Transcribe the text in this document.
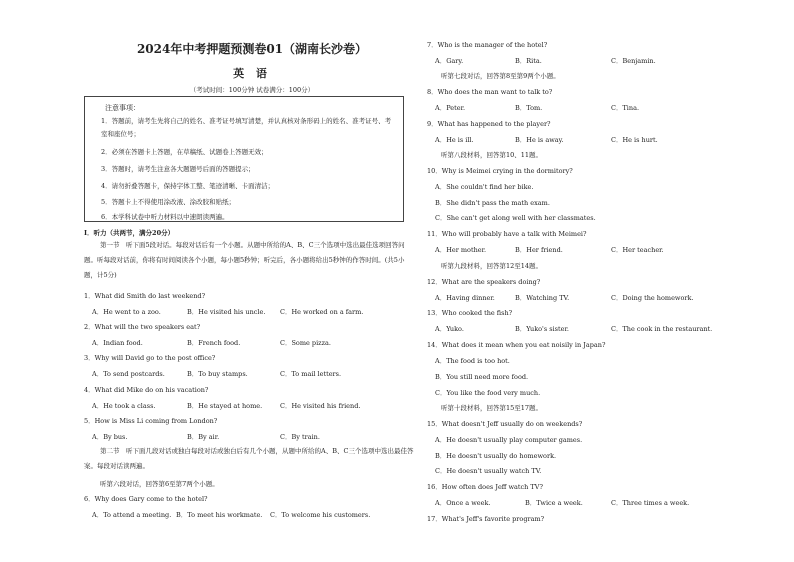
2024年中考押题预测卷01（湖南长沙卷）
英 语
（考试时间：100分钟 试卷满分：100分）
注意事项：
1．答题前，请考生先将自己的姓名、准考证号填写清楚，并认真核对条形码上的姓名、准考证号、考室和座位号；
2．必须在答题卡上答题，在草稿纸、试题卷上答题无效；
3．答题时，请考生注意各大题题号后面的答题提示；
4．请勿折叠答题卡，保持字体工整、笔迹清晰、卡面清洁；
5．答题卡上不得使用涂改液、涂改胶和贴纸；
6．本学科试卷中听力材料以中速朗读两遍。
I．听力（共两节，满分20分）
第一节　听下面5段对话。每段对话后有一个小题。从题中所给的A、B、C三个选项中选出最佳选项回答问题。听每段对话前，你将有时间阅读各个小题，每小题5秒钟；听完后，各小题将给出5秒钟的作答时间。(共5小题，计5分)
1．What did Smith do last weekend?
A．He went to a zoo.	B．He visited his uncle. C．He worked on a farm.
2．What will the two speakers eat?
A．Indian food.	B．French food.	C．Some pizza.
3．Why will David go to the post office?
A．To send postcards.	B．To buy stamps.	C．To mail letters.
4．What did Mike do on his vacation?
A．He took a class.	B．He stayed at home.	C．He visited his friend.
5．How is Miss Li coming from London?
A．By bus.	B．By air.	C．By train.
第二节　听下面几段对话或独白每段对话或独白后有几个小题，从题中所给的A、B、C三个选项中选出最佳答案。每段对话读两遍。
听第六段对话，回答第6至第7两个小题。
6．Why does Gary come to the hotel?
A．To attend a meeting. B．To meet his workmate. C．To welcome his customers.
7．Who is the manager of the hotel?
A．Gary.	B．Rita.	C．Benjamin.
听第七段对话，回答第8至第9两个小题。
8．Who does the man want to talk to?
A．Peter.	B．Tom.	C．Tina.
9．What has happened to the player?
A．He is ill.	B．He is away.	C．He is hurt.
听第八段材料，回答第10、11题。
10．Why is Meimei crying in the dormitory?
A．She couldn't find her bike.
B．She didn't pass the math exam.
C．She can't get along well with her classmates.
11．Who will probably have a talk with Meimei?
A．Her mother.	B．Her friend.	C．Her teacher.
听第九段材料，回答第12至14题。
12．What are the speakers doing?
A．Having dinner.	B．Watching TV.	C．Doing the homework.
13．Who cooked the fish?
A．Yuko.	B．Yuko's sister.	C．The cook in the restaurant.
14．What does it mean when you eat noisily in Japan?
A．The food is too hot.
B．You still need more food.
C．You like the food very much.
听第十段材料，回答第15至17题。
15．What doesn't Jeff usually do on weekends?
A．He doesn't usually play computer games.
B．He doesn't usually do homework.
C．He doesn't usually watch TV.
16．How often does Jeff watch TV?
A．Once a week.	B．Twice a week.	C．Three times a week.
17．What's Jeff's favorite program?
